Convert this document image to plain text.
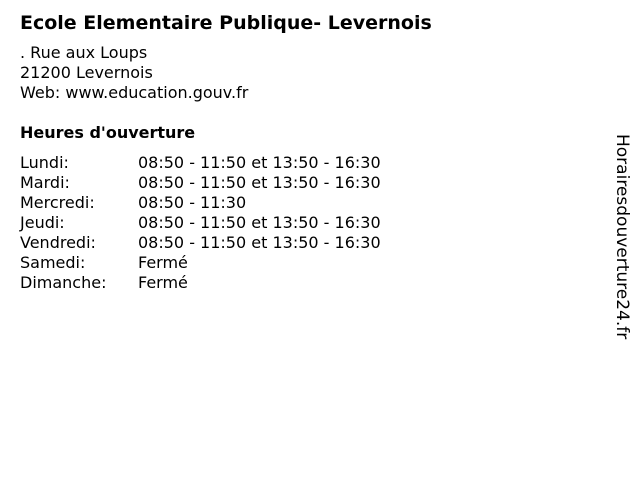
Ecole Elementaire Publique- Levernois
. Rue aux Loups
21200 Levernois
Web: www.education.gouv.fr
Heures d'ouverture
Lundi:	08:50 - 11:50 et 13:50 - 16:30
Mardi:	08:50 - 11:50 et 13:50 - 16:30
Mercredi:	08:50 - 11:30
Jeudi:	08:50 - 11:50 et 13:50 - 16:30
Vendredi:	08:50 - 11:50 et 13:50 - 16:30
Samedi:	Fermé
Dimanche:	Fermé	Horairesdouverture24.fr
